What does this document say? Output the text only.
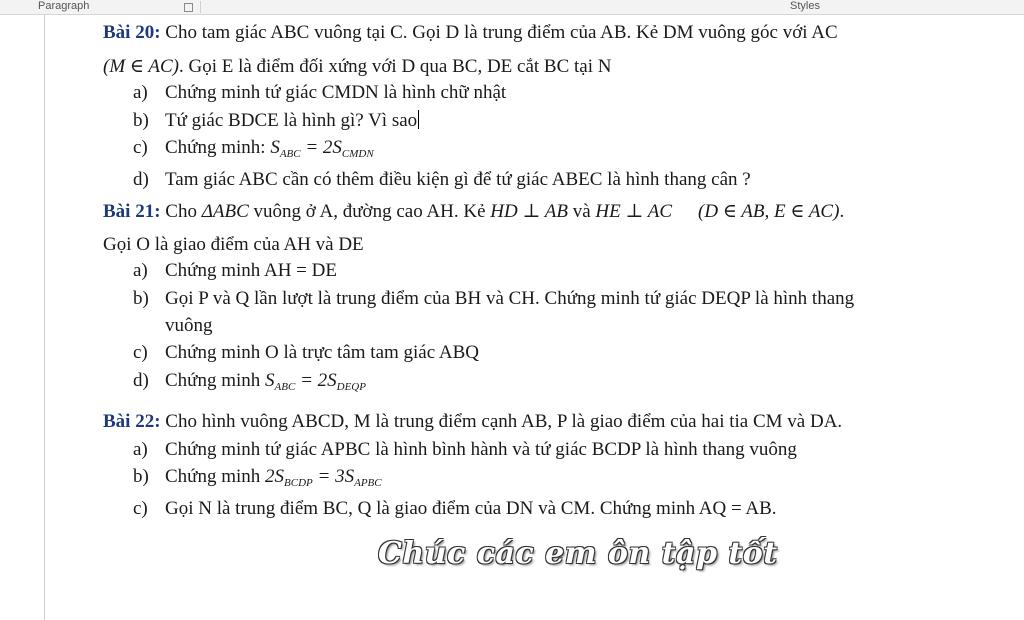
Paragraph	Styles
Bài 20: Cho tam giác ABC vuông tại C. Gọi D là trung điểm của AB. Kẻ DM vuông góc với AC
(M ∈ AC). Gọi E là điểm đối xứng với D qua BC, DE cắt BC tại N
a) Chứng minh tứ giác CMDN là hình chữ nhật
b) Tứ giác BDCE là hình gì? Vì sao
c) Chứng minh: $S_{ABC} = 2S_{CMDN}$
d) Tam giác ABC cần có thêm điều kiện gì để tứ giác ABEC là hình thang cân ?
Bài 21: Cho ΔABC vuông ở A, đường cao AH. Kẻ HD ⊥ AB và HE ⊥ AC (D ∈ AB, E ∈ AC).
Gọi O là giao điểm của AH và DE
a) Chứng minh AH = DE
b) Gọi P và Q lần lượt là trung điểm của BH và CH. Chứng minh tứ giác DEQP là hình thang
vuông
c) Chứng minh O là trực tâm tam giác ABQ
d) Chứng minh $S_{ABC} = 2S_{DEQP}$
Bài 22: Cho hình vuông ABCD, M là trung điểm cạnh AB, P là giao điểm của hai tia CM và DA.
a) Chứng minh tứ giác APBC là hình bình hành và tứ giác BCDP là hình thang vuông
b) Chứng minh $2S_{BCDP} = 3S_{APBC}$
c) Gọi N là trung điểm BC, Q là giao điểm của DN và CM. Chứng minh AQ = AB.
Chúc các em ôn tập tốt
